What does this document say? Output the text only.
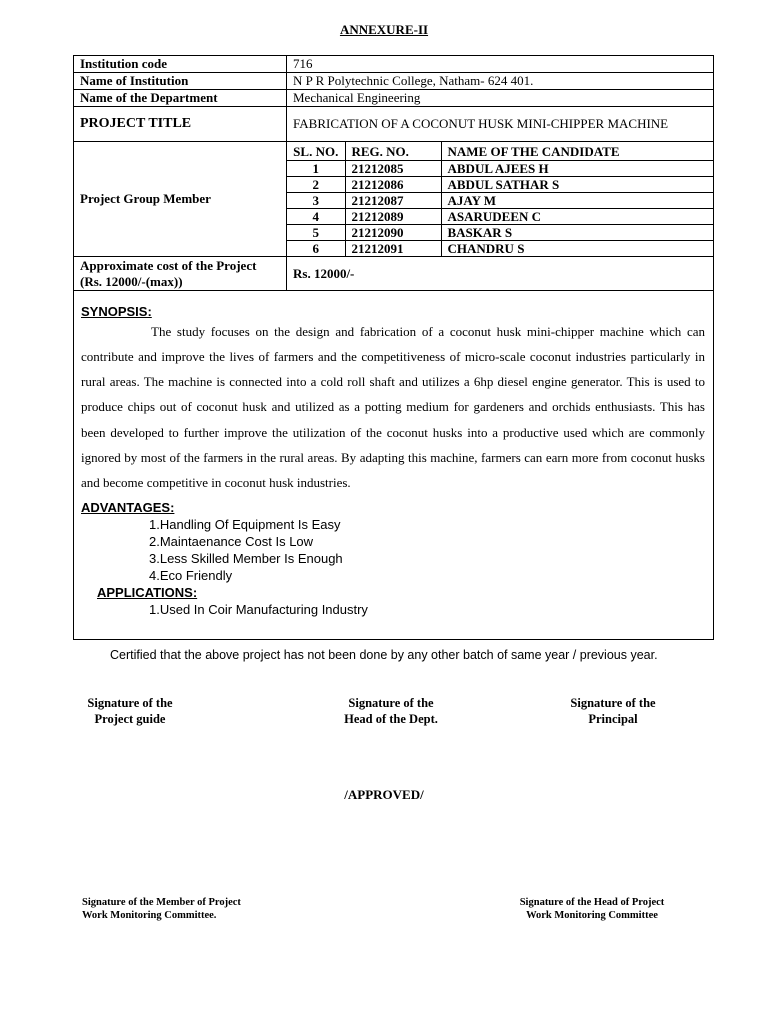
ANNEXURE-II
Institution code	716
Name of Institution	N P R Polytechnic College, Natham- 624 401.
Name of the Department	Mechanical Engineering
PROJECT TITLE	FABRICATION OF A COCONUT HUSK MINI-CHIPPER MACHINE
Project Group Member	
SL. NO.	REG. NO.	NAME OF THE CANDIDATE
1	21212085	ABDUL AJEES H
2	21212086	ABDUL SATHAR S
3	21212087	AJAY M
4	21212089	ASARUDEEN C
5	21212090	BASKAR S
6	21212091	CHANDRU S

Approximate cost of the Project (Rs. 12000/-(max))	Rs. 12000/-

SYNOPSIS:

The study focuses on the design and fabrication of a coconut husk mini-chipper machine which can contribute and improve the lives of farmers and the competitiveness of micro-scale coconut industries particularly in rural areas. The machine is connected into a cold roll shaft and utilizes a 6hp diesel engine generator. This is used to produce chips out of coconut husk and utilized as a potting medium for gardeners and orchids enthusiasts. This has been developed to further improve the utilization of the coconut husks into a productive used which are commonly ignored by most of the farmers in the rural areas. By adapting this machine, farmers can earn more from coconut husks and become competitive in coconut husk industries.

ADVANTAGES:
1.Handling Of Equipment Is Easy
2.Maintaenance Cost Is Low
3.Less Skilled Member Is Enough
4.Eco Friendly
APPLICATIONS:
1.Used In Coir Manufacturing Industry
Certified that the above project has not been done by any other batch of same year / previous year.
Signature of the
Project guide
Signature of the
Head of the Dept.
Signature of the
Principal
/APPROVED/
Signature of the Member of Project
Work Monitoring Committee.
Signature of the Head of Project
Work Monitoring Committee
